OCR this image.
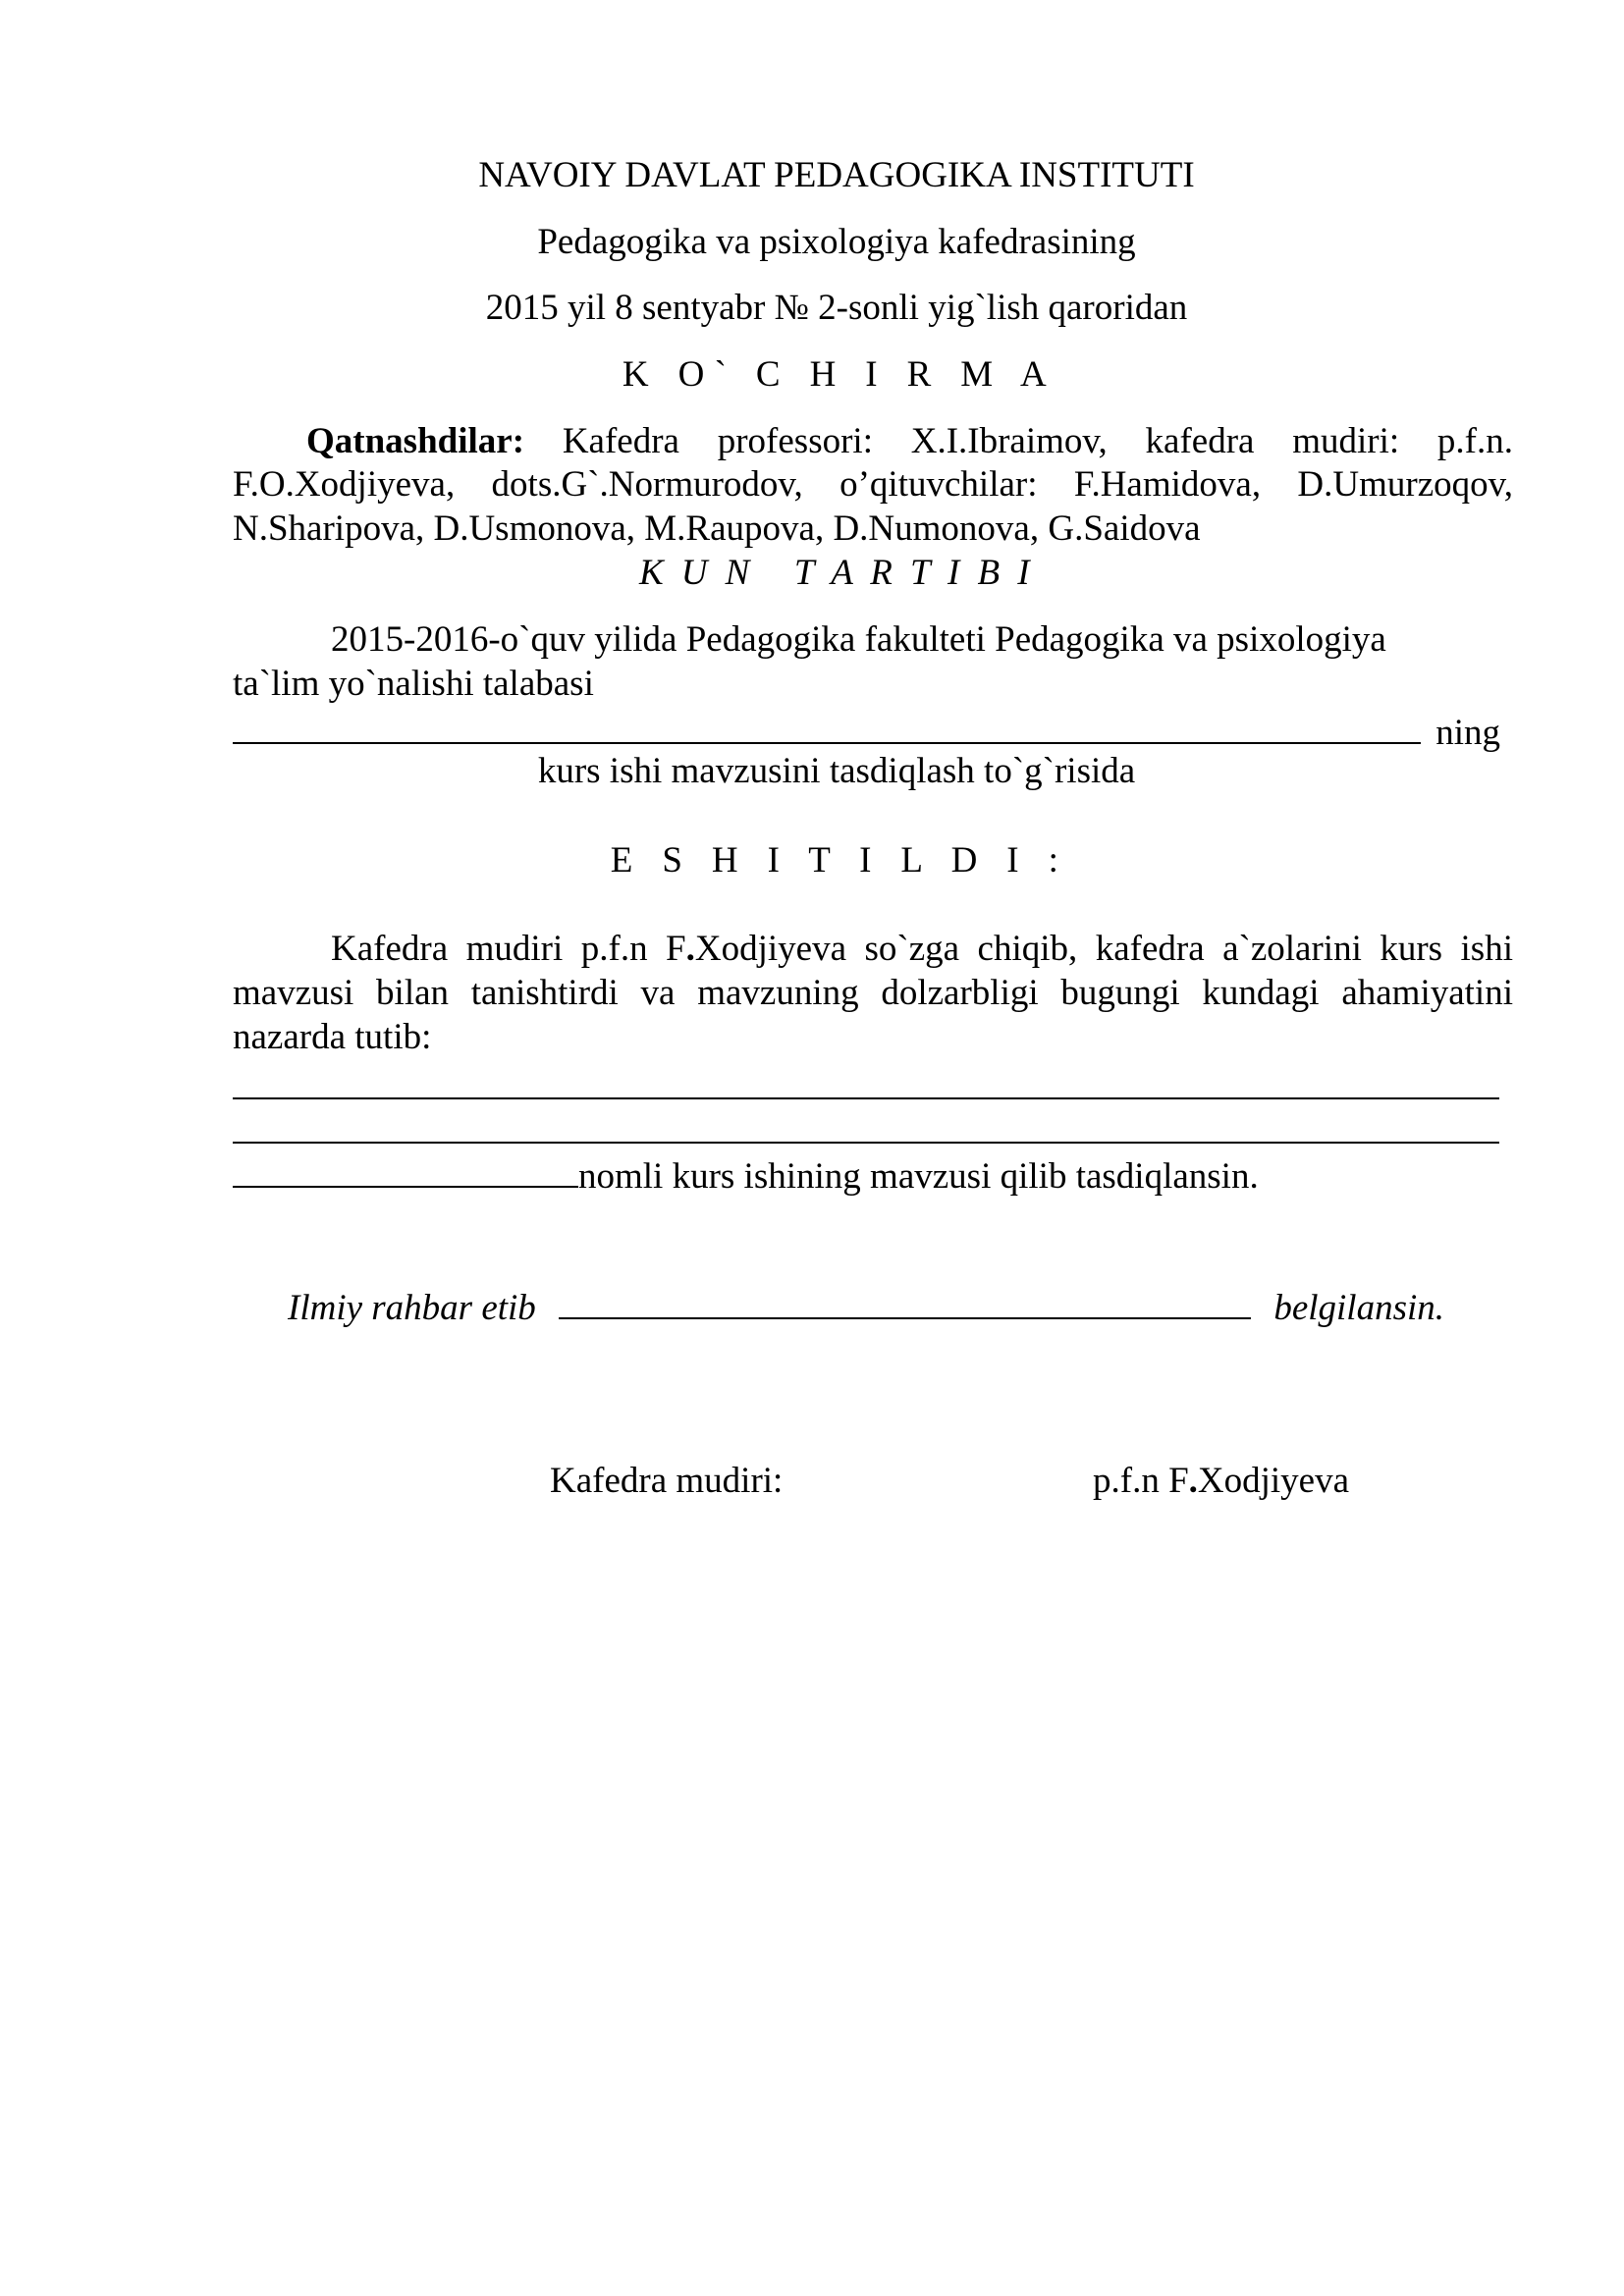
NAVOIY DAVLAT PEDAGOGIKA INSTITUTI
Pedagogika va psixologiya kafedrasining
2015 yil 8 sentyabr № 2-sonli yig`lish qaroridan
K O` C H I R M A
Qatnashdilar: Kafedra professori: X.I.Ibraimov, kafedra mudiri: p.f.n.
F.O.Xodjiyeva, dots.G`.Normurodov, o’qituvchilar: F.Hamidova, D.Umurzoqov,
N.Sharipova, D.Usmonova, M.Raupova, D.Numonova, G.Saidova
K U N   T A R T I B I
2015-2016-o`quv yilida Pedagogika fakulteti Pedagogika va psixologiya
ta`lim yo`nalishi talabasi
ning
kurs ishi mavzusini tasdiqlash to`g`risida
E S H I T I L D I :
Kafedra mudiri p.f.n F.Xodjiyeva so`zga chiqib, kafedra a`zolarini kurs ishi
mavzusi bilan tanishtirdi va mavzuning dolzarbligi bugungi kundagi ahamiyatini
nazarda tutib:
nomli kurs ishining mavzusi qilib tasdiqlansin.
Ilmiy rahbar etib	belgilansin.
Kafedra mudiri:	p.f.n F.Xodjiyeva
